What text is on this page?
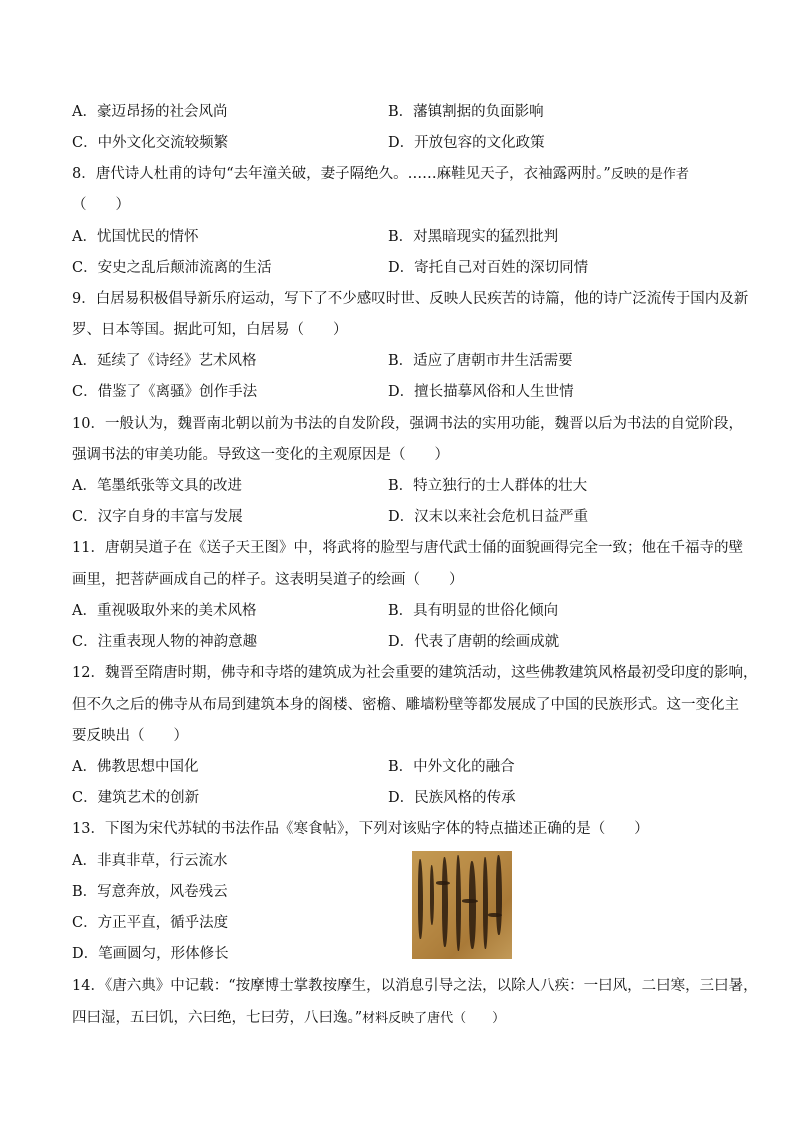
A．豪迈昂扬的社会风尚	B．藩镇割据的负面影响
C．中外文化交流较频繁	D．开放包容的文化政策
8．唐代诗人杜甫的诗句“去年潼关破，妻子隔绝久。……麻鞋见天子，衣袖露两肘。”反映的是作者
（　　）
A．忧国忧民的情怀	B．对黑暗现实的猛烈批判
C．安史之乱后颠沛流离的生活	D．寄托自己对百姓的深切同情
9．白居易积极倡导新乐府运动，写下了不少感叹时世、反映人民疾苦的诗篇，他的诗广泛流传于国内及新
罗、日本等国。据此可知，白居易（　　）
A．延续了《诗经》艺术风格	B．适应了唐朝市井生活需要
C．借鉴了《离骚》创作手法	D．擅长描摹风俗和人生世情
10．一般认为，魏晋南北朝以前为书法的自发阶段，强调书法的实用功能，魏晋以后为书法的自觉阶段，
强调书法的审美功能。导致这一变化的主观原因是（　　）
A．笔墨纸张等文具的改进	B．特立独行的士人群体的壮大
C．汉字自身的丰富与发展	D．汉末以来社会危机日益严重
11．唐朝吴道子在《送子天王图》中，将武将的脸型与唐代武士俑的面貌画得完全一致；他在千福寺的壁
画里，把菩萨画成自己的样子。这表明吴道子的绘画（　　）
A．重视吸取外来的美术风格	B．具有明显的世俗化倾向
C．注重表现人物的神韵意趣	D．代表了唐朝的绘画成就
12．魏晋至隋唐时期，佛寺和寺塔的建筑成为社会重要的建筑活动，这些佛教建筑风格最初受印度的影响，
但不久之后的佛寺从布局到建筑本身的阁楼、密檐、雕墙粉壁等都发展成了中国的民族形式。这一变化主
要反映出（　　）
A．佛教思想中国化	B．中外文化的融合
C．建筑艺术的创新	D．民族风格的传承
13．下图为宋代苏轼的书法作品《寒食帖》，下列对该贴字体的特点描述正确的是（　　）
A．非真非草，行云流水
B．写意奔放，风卷残云
C．方正平直，循乎法度
D．笔画圆匀，形体修长
14．《唐六典》中记载：“按摩博士掌教按摩生，以消息引导之法，以除人八疾：一曰风，二曰寒，三曰暑，
四曰湿，五曰饥，六曰绝，七曰劳，八曰逸。”材料反映了唐代（　　）
